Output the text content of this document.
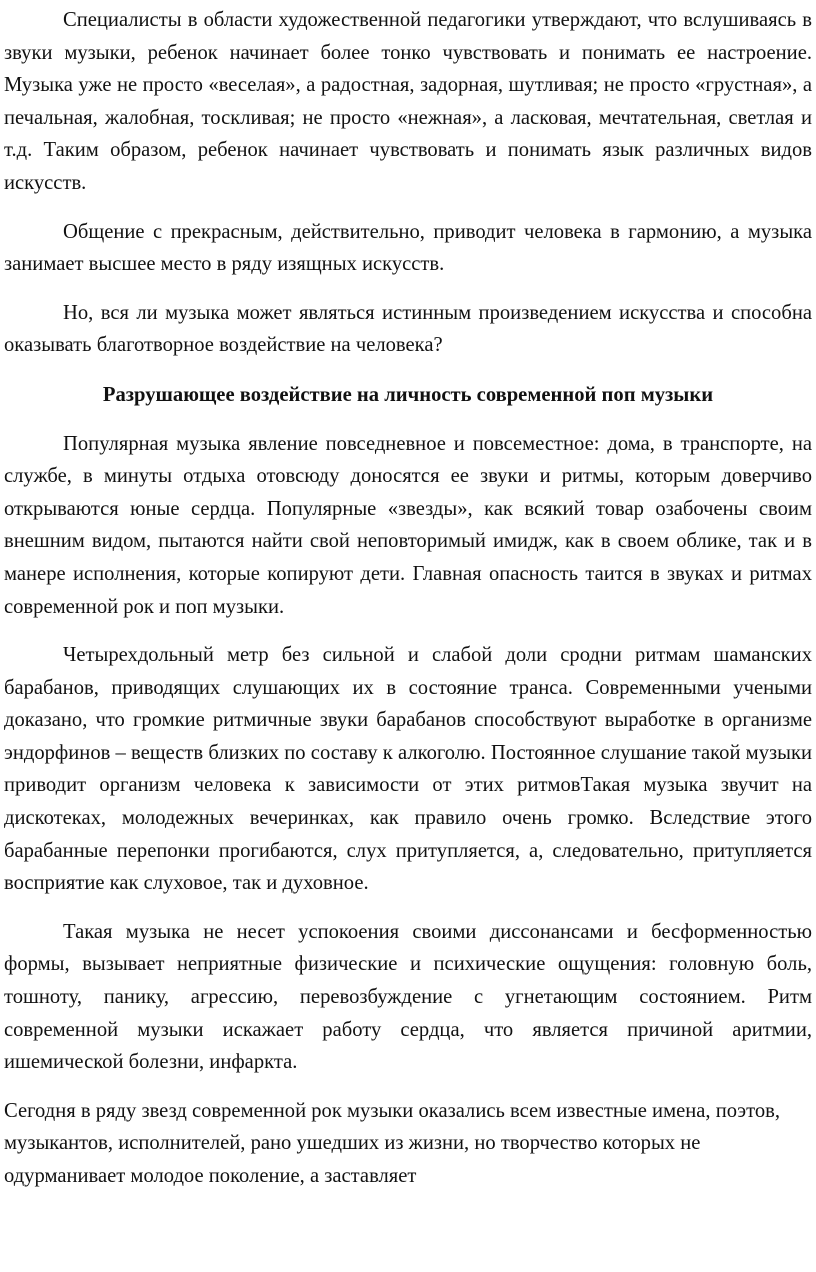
Специалисты в области художественной педагогики утверждают, что вслушиваясь в звуки музыки, ребенок начинает более тонко чувствовать и понимать ее настроение. Музыка уже не просто «веселая», а радостная, задорная, шутливая; не просто «грустная», а печальная, жалобная, тоскливая; не просто «нежная», а ласковая, мечтательная, светлая и т.д. Таким образом, ребенок начинает чувствовать и понимать язык различных видов искусств.

Общение с прекрасным, действительно, приводит человека в гармонию, а музыка занимает высшее место в ряду изящных искусств.

Но, вся ли музыка может являться истинным произведением искусства и способна оказывать благотворное воздействие на человека?

Разрушающее воздействие на личность современной поп музыки

Популярная музыка явление повседневное и повсеместное: дома, в транспорте, на службе, в минуты отдыха отовсюду доносятся ее звуки и ритмы, которым доверчиво открываются юные сердца. Популярные «звезды», как всякий товар озабочены своим внешним видом, пытаются найти свой неповторимый имидж, как в своем облике, так и в манере исполнения, которые копируют дети. Главная опасность таится в звуках и ритмах современной рок и поп музыки.

Четырехдольный метр без сильной и слабой доли сродни ритмам шаманских барабанов, приводящих слушающих их в состояние транса. Современными учеными доказано, что громкие ритмичные звуки барабанов способствуют выработке в организме эндорфинов – веществ близких по составу к алкоголю. Постоянное слушание такой музыки приводит организм человека к зависимости от этих ритмовТакая музыка звучит на дискотеках, молодежных вечеринках, как правило очень громко. Вследствие этого барабанные перепонки прогибаются, слух притупляется, а, следовательно, притупляется восприятие как слуховое, так и духовное.

Такая музыка не несет успокоения своими диссонансами и бесформенностью формы, вызывает неприятные физические и психические ощущения: головную боль, тошноту, панику, агрессию, перевозбуждение с угнетающим состоянием. Ритм современной музыки искажает работу сердца, что является причиной аритмии, ишемической болезни, инфаркта.

Сегодня в ряду звезд современной рок музыки оказались всем известные имена, поэтов, музыкантов, исполнителей, рано ушедших из жизни, но творчество которых не одурманивает молодое поколение, а заставляет
